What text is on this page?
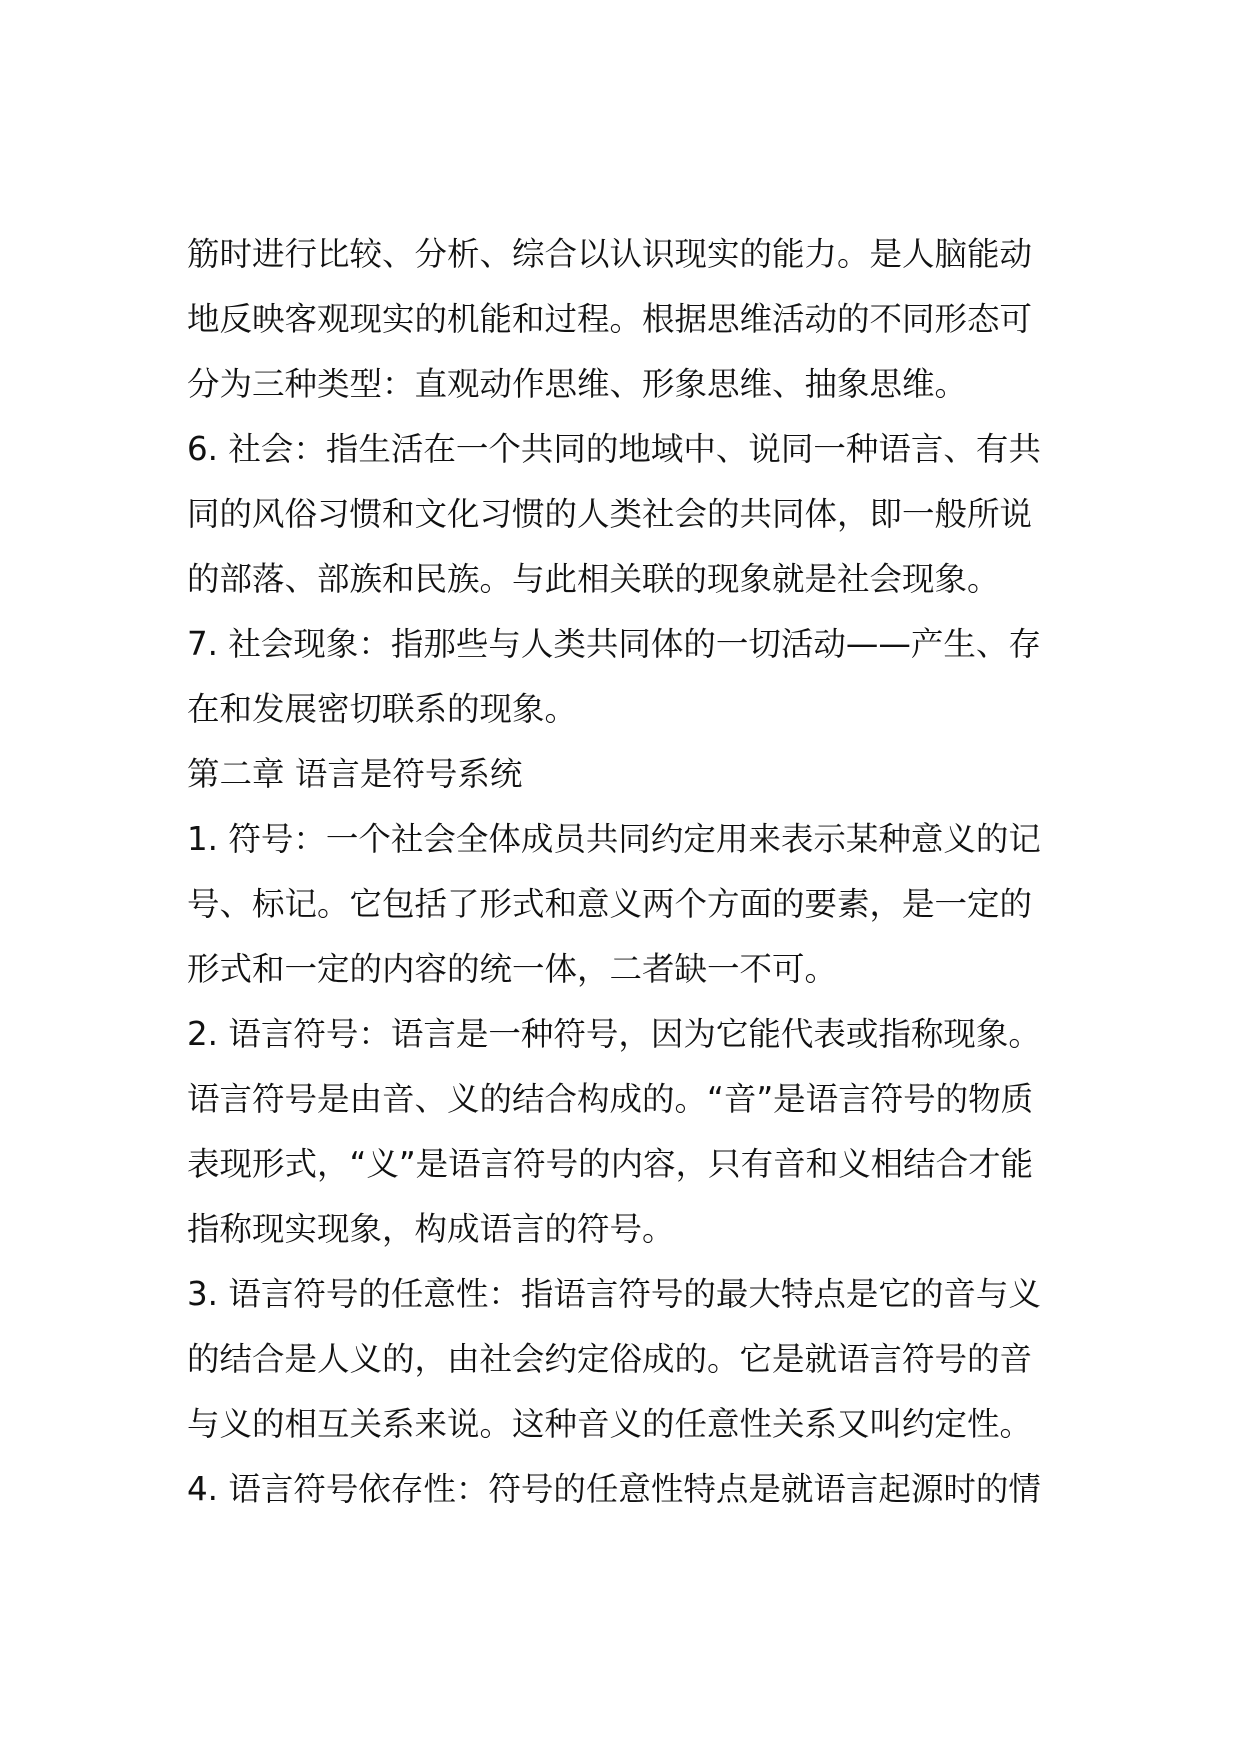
筋时进行比较、分析、综合以认识现实的能力。是人脑能动
地反映客观现实的机能和过程。根据思维活动的不同形态可
分为三种类型：直观动作思维、形象思维、抽象思维。
6. 社会：指生活在一个共同的地域中、说同一种语言、有共
同的风俗习惯和文化习惯的人类社会的共同体，即一般所说
的部落、部族和民族。与此相关联的现象就是社会现象。
7. 社会现象：指那些与人类共同体的一切活动——产生、存
在和发展密切联系的现象。
第二章 语言是符号系统
1. 符号：一个社会全体成员共同约定用来表示某种意义的记
号、标记。它包括了形式和意义两个方面的要素，是一定的
形式和一定的内容的统一体，二者缺一不可。
2. 语言符号：语言是一种符号，因为它能代表或指称现象。
语言符号是由音、义的结合构成的。“音”是语言符号的物质
表现形式，“义”是语言符号的内容，只有音和义相结合才能
指称现实现象，构成语言的符号。
3. 语言符号的任意性：指语言符号的最大特点是它的音与义
的结合是人义的，由社会约定俗成的。它是就语言符号的音
与义的相互关系来说。这种音义的任意性关系又叫约定性。
4. 语言符号依存性：符号的任意性特点是就语言起源时的情
